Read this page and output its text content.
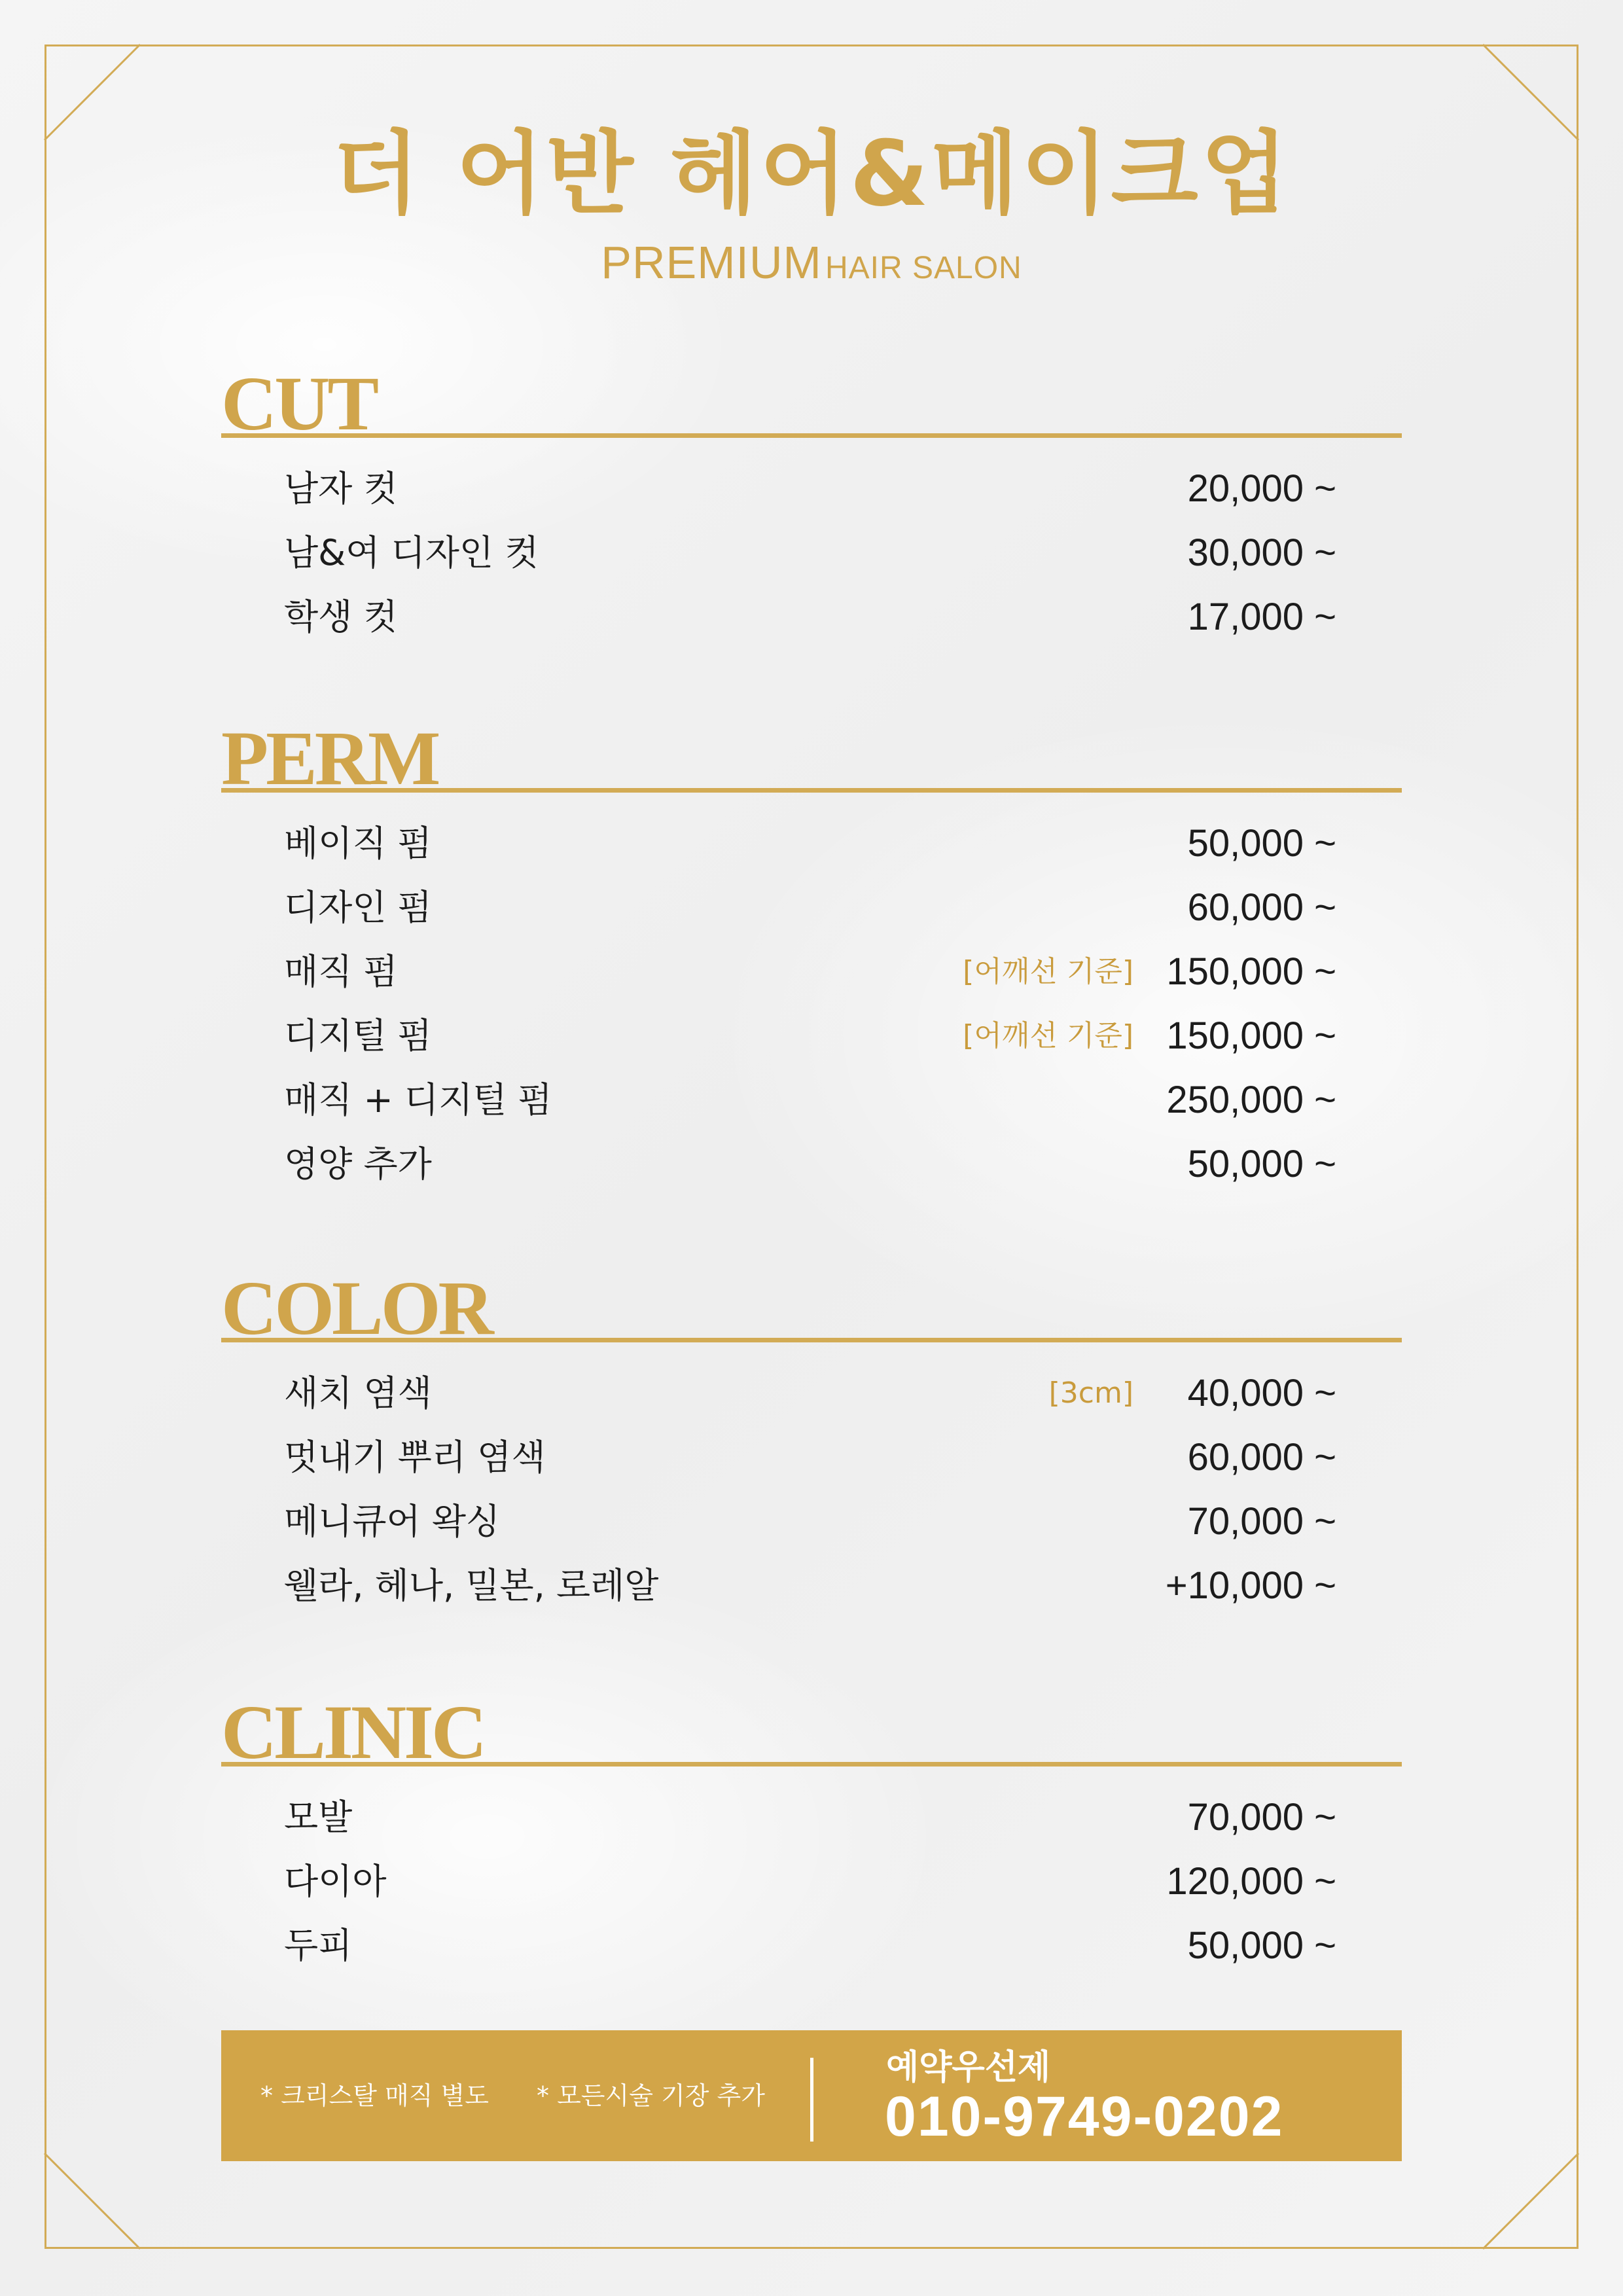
더 어반 헤어&메이크업
PREMIUM HAIR SALON
CUT
남자 컷	20,000 ~
남&여 디자인 컷	30,000 ~
학생 컷	17,000 ~
PERM
베이직 펌	50,000 ~
디자인 펌	60,000 ~
매직 펌	[어깨선 기준] 150,000 ~
디지털 펌	[어깨선 기준] 150,000 ~
매직 + 디지털 펌	250,000 ~
영양 추가	50,000 ~
COLOR
새치 염색	[3cm] 40,000 ~
멋내기 뿌리 염색	60,000 ~
메니큐어 왁싱	70,000 ~
웰라, 헤나, 밀본, 로레알	+10,000 ~
CLINIC
모발	70,000 ~
다이아	120,000 ~
두피	50,000 ~
* 크리스탈 매직 별도 * 모든시술 기장 추가
예약우선제
010-9749-0202
